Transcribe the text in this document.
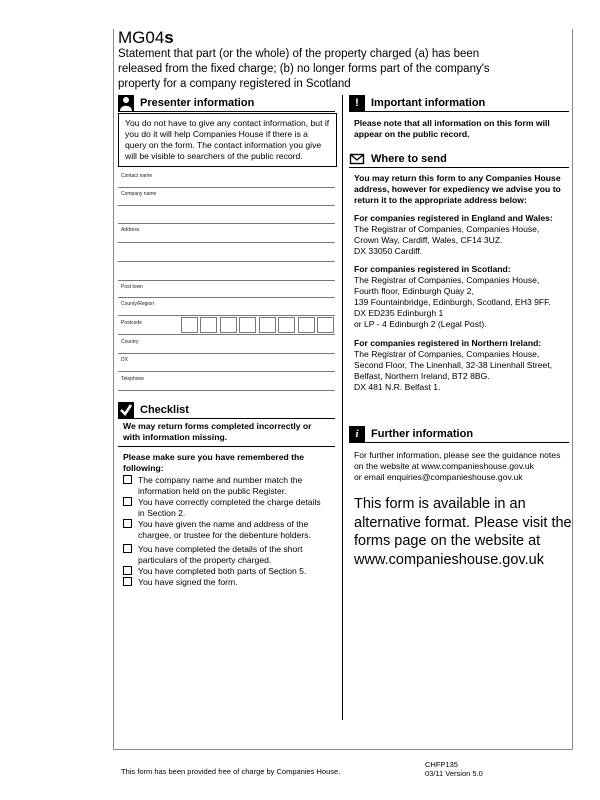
MG04s
Statement that part (or the whole) of the property charged (a) has been released from the fixed charge; (b) no longer forms part of the company's property for a company registered in Scotland
Presenter information
You do not have to give any contact information, but if you do it will help Companies House if there is a query on the form. The contact information you give will be visible to searchers of the public record.
Contact name
Company name
Address
Post town
County/Region
Postcode
Country
DX
Telephone
Checklist
We may return forms completed incorrectly or with information missing.
Please make sure you have remembered the following:
The company name and number match the information held on the public Register.
You have correctly completed the charge details in Section 2.
You have given the name and address of the chargee, or trustee for the debenture holders.
You have completed the details of the short particulars of the property charged.
You have completed both parts of Section 5.
You have signed the form.
!	Important information
Please note that all information on this form will appear on the public record.
Where to send
You may return this form to any Companies House address, however for expediency we advise you to return it to the appropriate address below:
For companies registered in England and Wales:
The Registrar of Companies, Companies House,
Crown Way, Cardiff, Wales, CF14 3UZ.
DX 33050 Cardiff.
For companies registered in Scotland:
The Registrar of Companies, Companies House,
Fourth floor, Edinburgh Quay 2,
139 Fountainbridge, Edinburgh, Scotland, EH3 9FF.
DX ED235 Edinburgh 1
or LP - 4 Edinburgh 2 (Legal Post).
For companies registered in Northern Ireland:
The Registrar of Companies, Companies House,
Second Floor, The Linenhall, 32-38 Linenhall Street,
Belfast, Northern Ireland, BT2 8BG.
DX 481 N.R. Belfast 1.
i	Further information
For further information, please see the guidance notes on the website at www.companieshouse.gov.uk
or email enquiries@companieshouse.gov.uk
This form is available in an alternative format. Please visit the forms page on the website at www.companieshouse.gov.uk
This form has been provided free of charge by Companies House.
CHFP135
03/11 Version 5.0
